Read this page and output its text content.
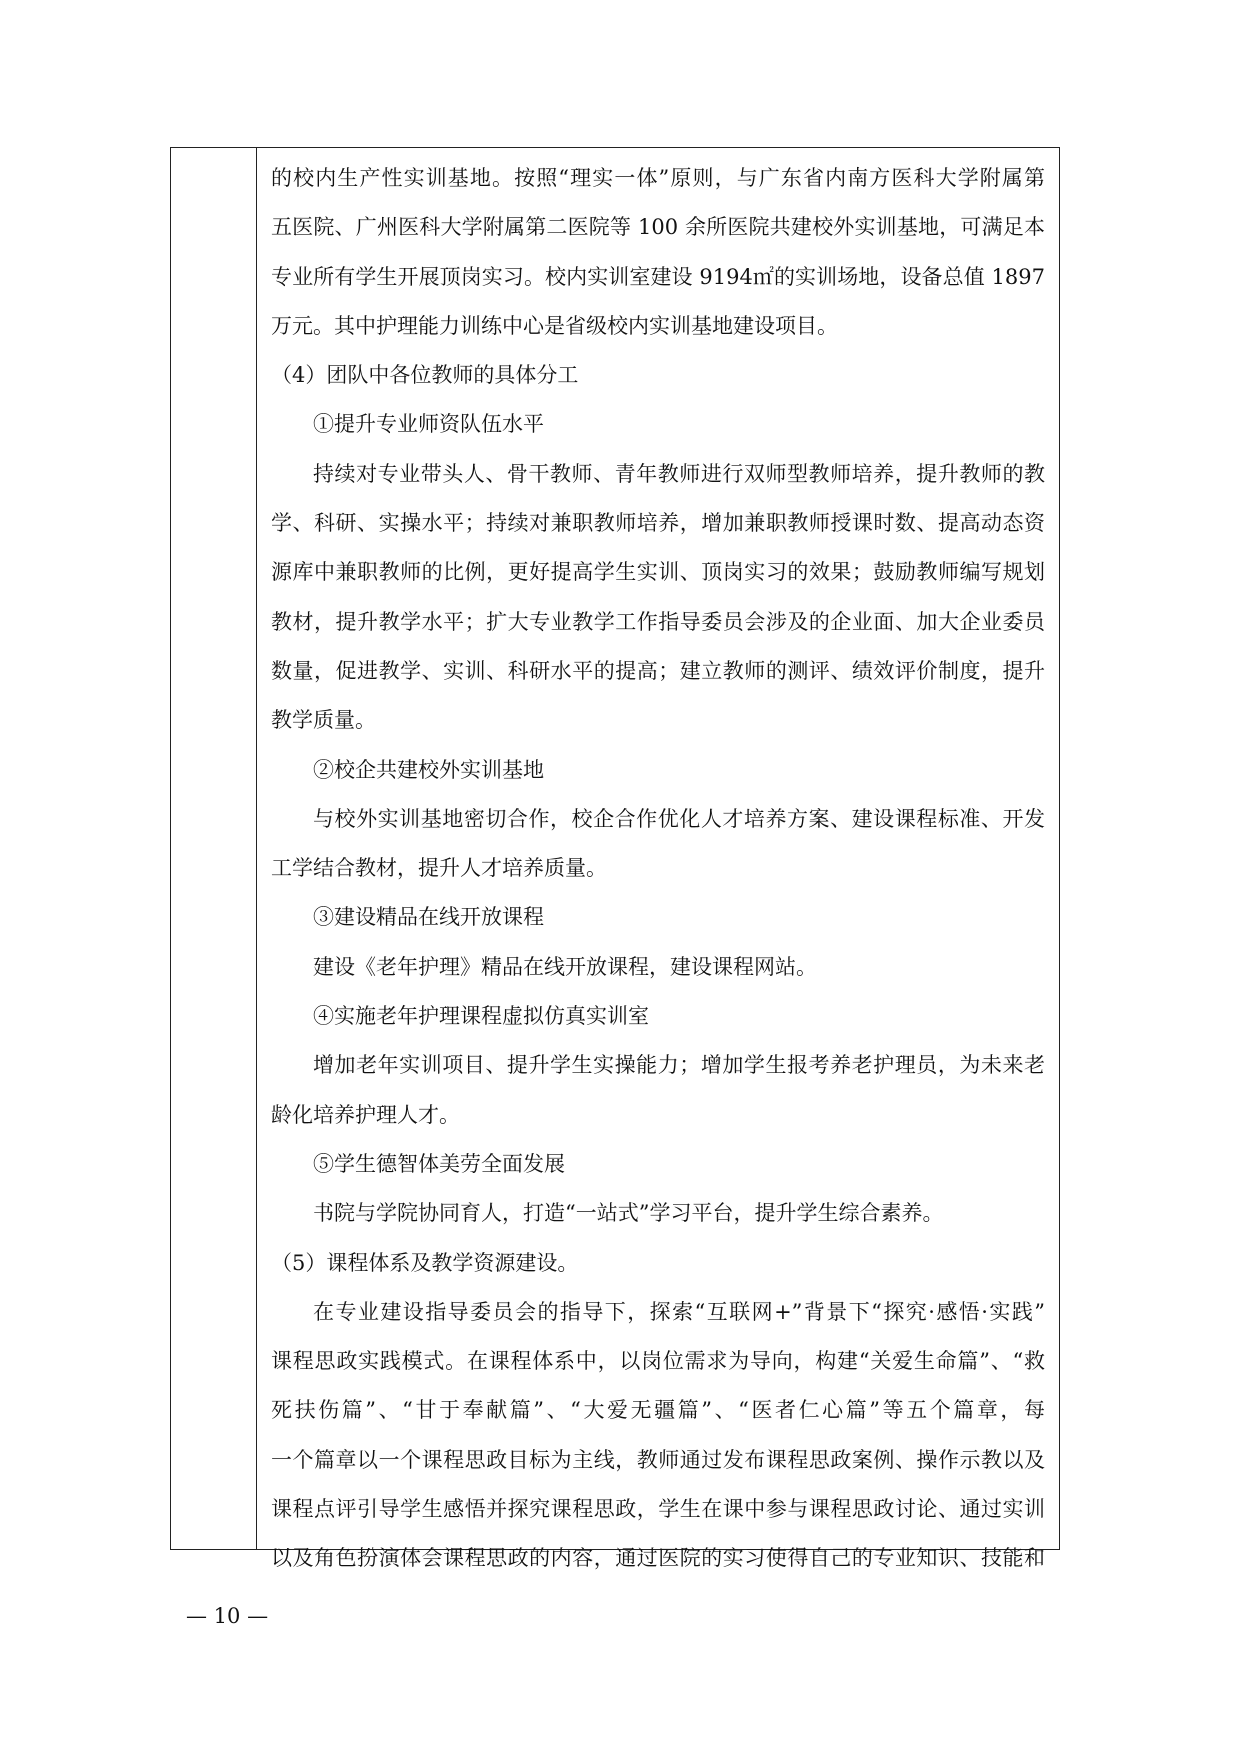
的校内生产性实训基地。按照“理实一体”原则，与广东省内南方医科大学附属第
五医院、广州医科大学附属第二医院等 100 余所医院共建校外实训基地，可满足本
专业所有学生开展顶岗实习。校内实训室建设 9194㎡的实训场地，设备总值 1897
万元。其中护理能力训练中心是省级校内实训基地建设项目。
（4）团队中各位教师的具体分工
①提升专业师资队伍水平
持续对专业带头人、骨干教师、青年教师进行双师型教师培养，提升教师的教
学、科研、实操水平；持续对兼职教师培养，增加兼职教师授课时数、提高动态资
源库中兼职教师的比例，更好提高学生实训、顶岗实习的效果；鼓励教师编写规划
教材，提升教学水平；扩大专业教学工作指导委员会涉及的企业面、加大企业委员
数量，促进教学、实训、科研水平的提高；建立教师的测评、绩效评价制度，提升
教学质量。
②校企共建校外实训基地
与校外实训基地密切合作，校企合作优化人才培养方案、建设课程标准、开发
工学结合教材，提升人才培养质量。
③建设精品在线开放课程
建设《老年护理》精品在线开放课程，建设课程网站。
④实施老年护理课程虚拟仿真实训室
增加老年实训项目、提升学生实操能力；增加学生报考养老护理员，为未来老
龄化培养护理人才。
⑤学生德智体美劳全面发展
书院与学院协同育人，打造“一站式”学习平台，提升学生综合素养。
（5）课程体系及教学资源建设。
在专业建设指导委员会的指导下，探索“互联网+”背景下“探究·感悟·实践”
课程思政实践模式。在课程体系中，以岗位需求为导向，构建“关爱生命篇”、“救
死扶伤篇”、“甘于奉献篇”、“大爱无疆篇”、“医者仁心篇”等五个篇章，每
一个篇章以一个课程思政目标为主线，教师通过发布课程思政案例、操作示教以及
课程点评引导学生感悟并探究课程思政，学生在课中参与课程思政讨论、通过实训
以及角色扮演体会课程思政的内容，通过医院的实习使得自己的专业知识、技能和
— 10 —
